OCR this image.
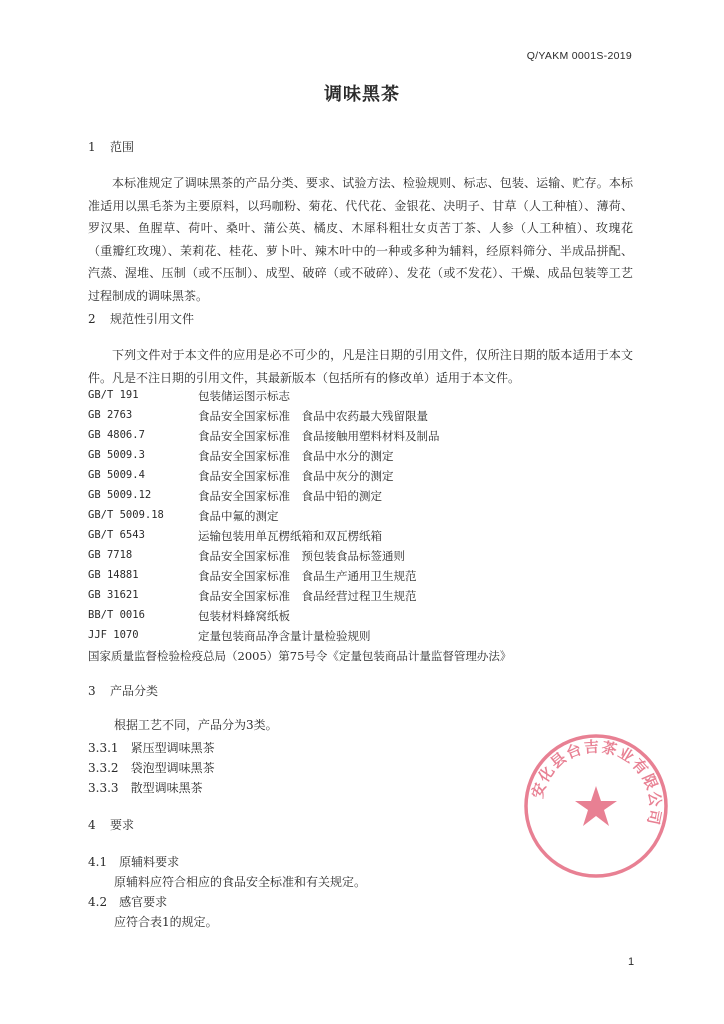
Q/YAKM 0001S-2019
调味黑茶
1 范围
本标准规定了调味黑茶的产品分类、要求、试验方法、检验规则、标志、包装、运输、贮存。本标准适用以黑毛茶为主要原料，以玛咖粉、菊花、代代花、金银花、决明子、甘草（人工种植）、薄荷、罗汉果、鱼腥草、荷叶、桑叶、蒲公英、橘皮、木犀科粗壮女贞苦丁茶、人参（人工种植）、玫瑰花（重瓣红玫瑰）、茉莉花、桂花、萝卜叶、辣木叶中的一种或多种为辅料，经原料筛分、半成品拼配、汽蒸、渥堆、压制（或不压制）、成型、破碎（或不破碎）、发花（或不发花）、干燥、成品包装等工艺过程制成的调味黑茶。
2 规范性引用文件
下列文件对于本文件的应用是必不可少的，凡是注日期的引用文件，仅所注日期的版本适用于本文件。凡是不注日期的引用文件，其最新版本（包括所有的修改单）适用于本文件。
GB/T 191	包装储运图示标志
GB 2763	食品安全国家标准　食品中农药最大残留限量
GB 4806.7	食品安全国家标准　食品接触用塑料材料及制品
GB 5009.3	食品安全国家标准　食品中水分的测定
GB 5009.4	食品安全国家标准　食品中灰分的测定
GB 5009.12	食品安全国家标准　食品中铅的测定
GB/T 5009.18	食品中氟的测定
GB/T 6543	运输包装用单瓦楞纸箱和双瓦楞纸箱
GB 7718	食品安全国家标准　预包装食品标签通则
GB 14881	食品安全国家标准　食品生产通用卫生规范
GB 31621	食品安全国家标准　食品经营过程卫生规范
BB/T 0016	包装材料蜂窝纸板
JJF 1070	定量包装商品净含量计量检验规则
国家质量监督检验检疫总局（2005）第75号令《定量包装商品计量监督管理办法》
3 产品分类
根据工艺不同，产品分为3类。
3.3.1　 紧压型调味黑茶
3.3.2　 袋泡型调味黑茶
3.3.3　 散型调味黑茶
4 要求
4.1　 原辅料要求
原辅料应符合相应的食品安全标准和有关规定。
4.2　 感官要求
应符合表1的规定。
安化县台吉茶业有限公司
1
